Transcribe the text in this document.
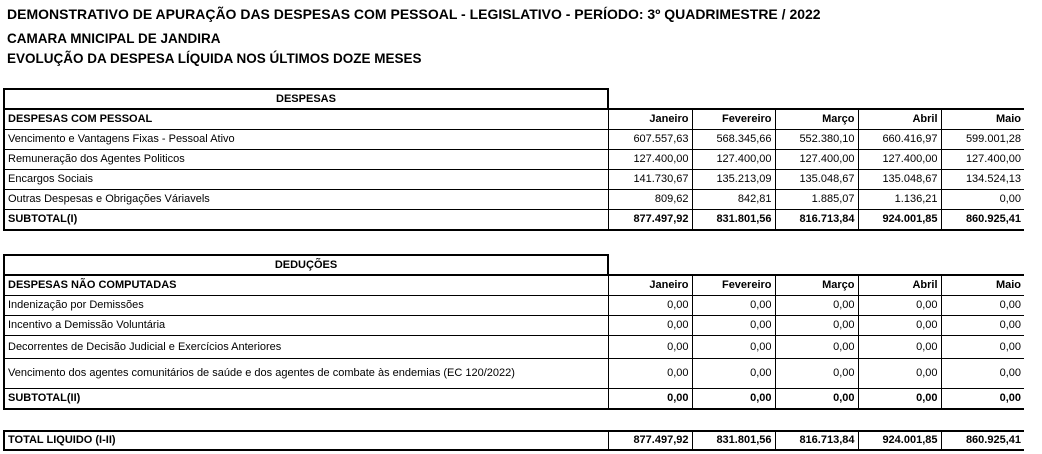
DEMONSTRATIVO DE APURAÇÃO DAS DESPESAS COM PESSOAL - LEGISLATIVO - PERÍODO: 3º QUADRIMESTRE / 2022
CAMARA MNICIPAL DE JANDIRA
EVOLUÇÃO DA DESPESA LÍQUIDA NOS ÚLTIMOS DOZE MESES
DESPESAS					
DESPESAS COM PESSOAL	Janeiro	Fevereiro	Março	Abril	Maio
Vencimento e Vantagens Fixas - Pessoal Ativo	607.557,63	568.345,66	552.380,10	660.416,97	599.001,28
Remuneração dos Agentes Politicos	127.400,00	127.400,00	127.400,00	127.400,00	127.400,00
Encargos Sociais	141.730,67	135.213,09	135.048,67	135.048,67	134.524,13
Outras Despesas e Obrigações Váriavels	809,62	842,81	1.885,07	1.136,21	0,00
SUBTOTAL(I)	877.497,92	831.801,56	816.713,84	924.001,85	860.925,41
DEDUÇÕES					
DESPESAS NÃO COMPUTADAS	Janeiro	Fevereiro	Março	Abril	Maio
Indenização por Demissões	0,00	0,00	0,00	0,00	0,00
Incentivo a Demissão Voluntária	0,00	0,00	0,00	0,00	0,00
Decorrentes de Decisão Judicial e Exercícios Anteriores	0,00	0,00	0,00	0,00	0,00
Vencimento dos agentes comunitários de saúde e dos agentes de combate às endemias (EC 120/2022)	0,00	0,00	0,00	0,00	0,00
SUBTOTAL(II)	0,00	0,00	0,00	0,00	0,00
TOTAL LIQUIDO (I-II)	877.497,92	831.801,56	816.713,84	924.001,85	860.925,41
